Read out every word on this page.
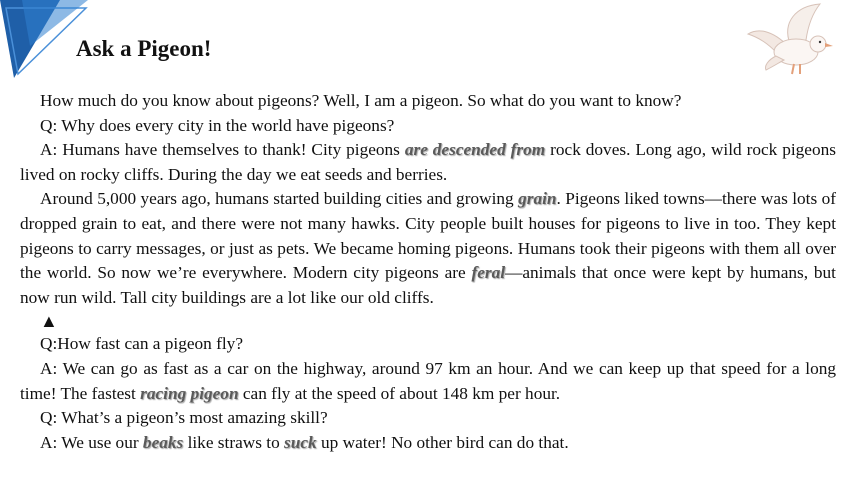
Ask a Pigeon!

How much do you know about pigeons? Well, I am a pigeon. So what do you want to know?

Q: Why does every city in the world have pigeons?

A: Humans have themselves to thank! City pigeons are descended from rock doves. Long ago, wild rock pigeons lived on rocky cliffs. During the day we eat seeds and berries.

Around 5,000 years ago, humans started building cities and growing grain. Pigeons liked towns—there was lots of dropped grain to eat, and there were not many hawks. City people built houses for pigeons to live in too. They kept pigeons to carry messages, or just as pets. We became homing pigeons. Humans took their pigeons with them all over the world. So now we’re everywhere. Modern city pigeons are feral—animals that once were kept by humans, but now run wild. Tall city buildings are a lot like our old cliffs.

▲

Q:How fast can a pigeon fly?

A: We can go as fast as a car on the highway, around 97 km an hour. And we can keep up that speed for a long time! The fastest racing pigeon can fly at the speed of about 148 km per hour.

Q: What’s a pigeon’s most amazing skill?

A: We use our beaks like straws to suck up water! No other bird can do that.
